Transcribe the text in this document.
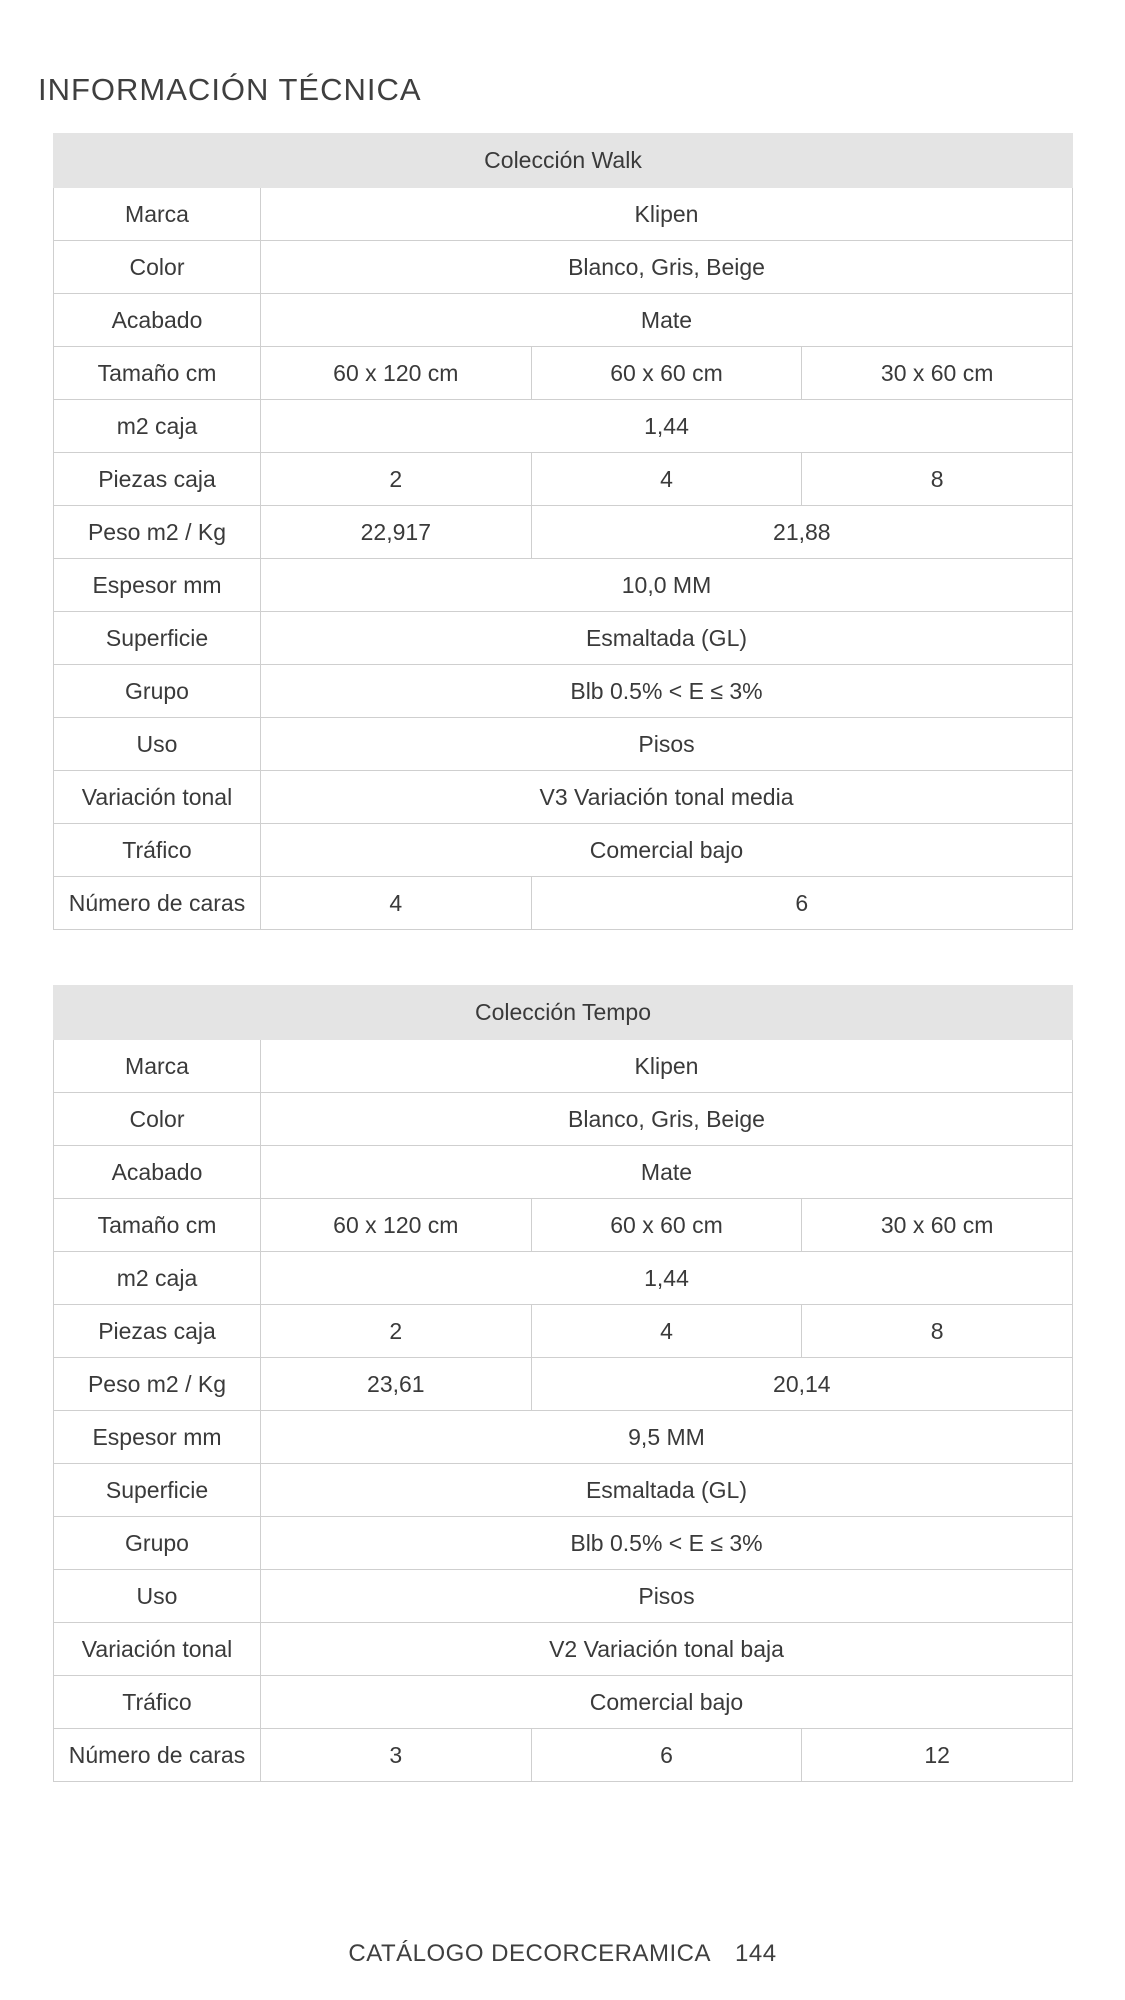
INFORMACIÓN TÉCNICA
Colección Walk			
Marca	Klipen		
Color	Blanco, Gris, Beige		
Acabado	Mate		
Tamaño cm	60 x 120 cm	60 x 60 cm	30 x 60 cm
m2 caja	1,44		
Piezas caja	2	4	8
Peso m2 / Kg	22,917	21,88	
Espesor mm	10,0 MM		
Superficie	Esmaltada (GL)		
Grupo	Blb 0.5% < E ≤ 3%		
Uso	Pisos		
Variación tonal	V3 Variación tonal media		
Tráfico	Comercial bajo		
Número de caras	4	6	
Colección Tempo			
Marca	Klipen		
Color	Blanco, Gris, Beige		
Acabado	Mate		
Tamaño cm	60 x 120 cm	60 x 60 cm	30 x 60 cm
m2 caja	1,44		
Piezas caja	2	4	8
Peso m2 / Kg	23,61	20,14	
Espesor mm	9,5 MM		
Superficie	Esmaltada (GL)		
Grupo	Blb 0.5% < E ≤ 3%		
Uso	Pisos		
Variación tonal	V2 Variación tonal baja		
Tráfico	Comercial bajo		
Número de caras	3	6	12
CATÁLOGO DECORCERAMICA 144
